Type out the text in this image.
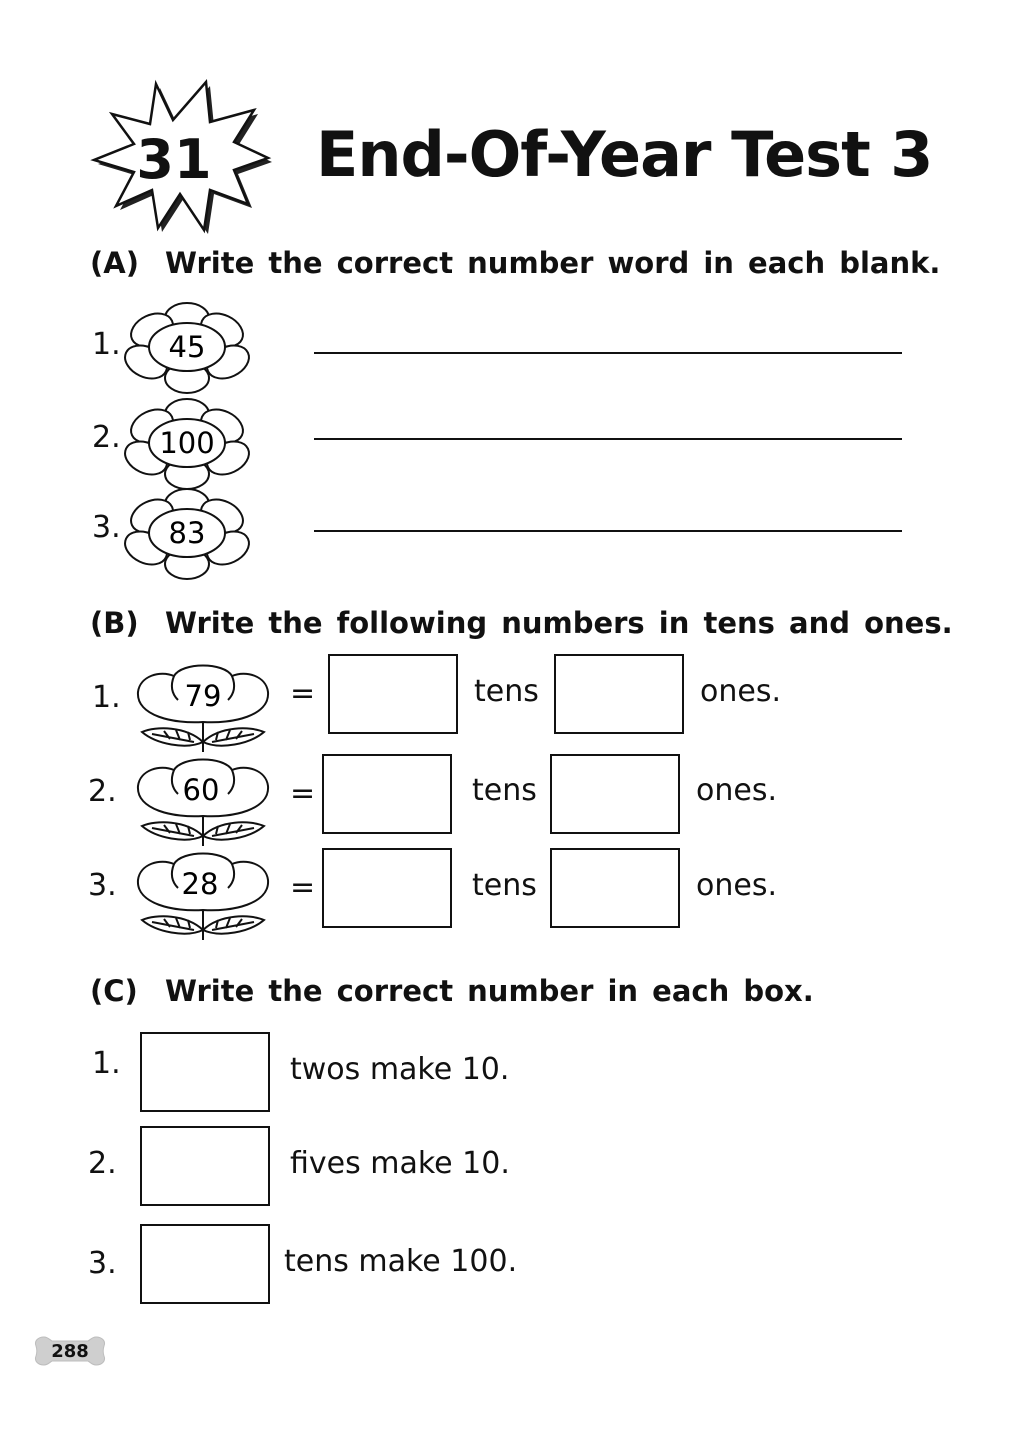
31 End-Of-Year Test 3
(A) Write the correct number word in each blank.
1. 45
2. 100
3. 83
(B) Write the following numbers in tens and ones.
1. 79 =	tens	ones.
2. 60 =	tens	ones.
3. 28 =	tens	ones.
(C) Write the correct number in each box.
1.	twos make 10.
2.	fives make 10.
3.	tens make 100.
288
